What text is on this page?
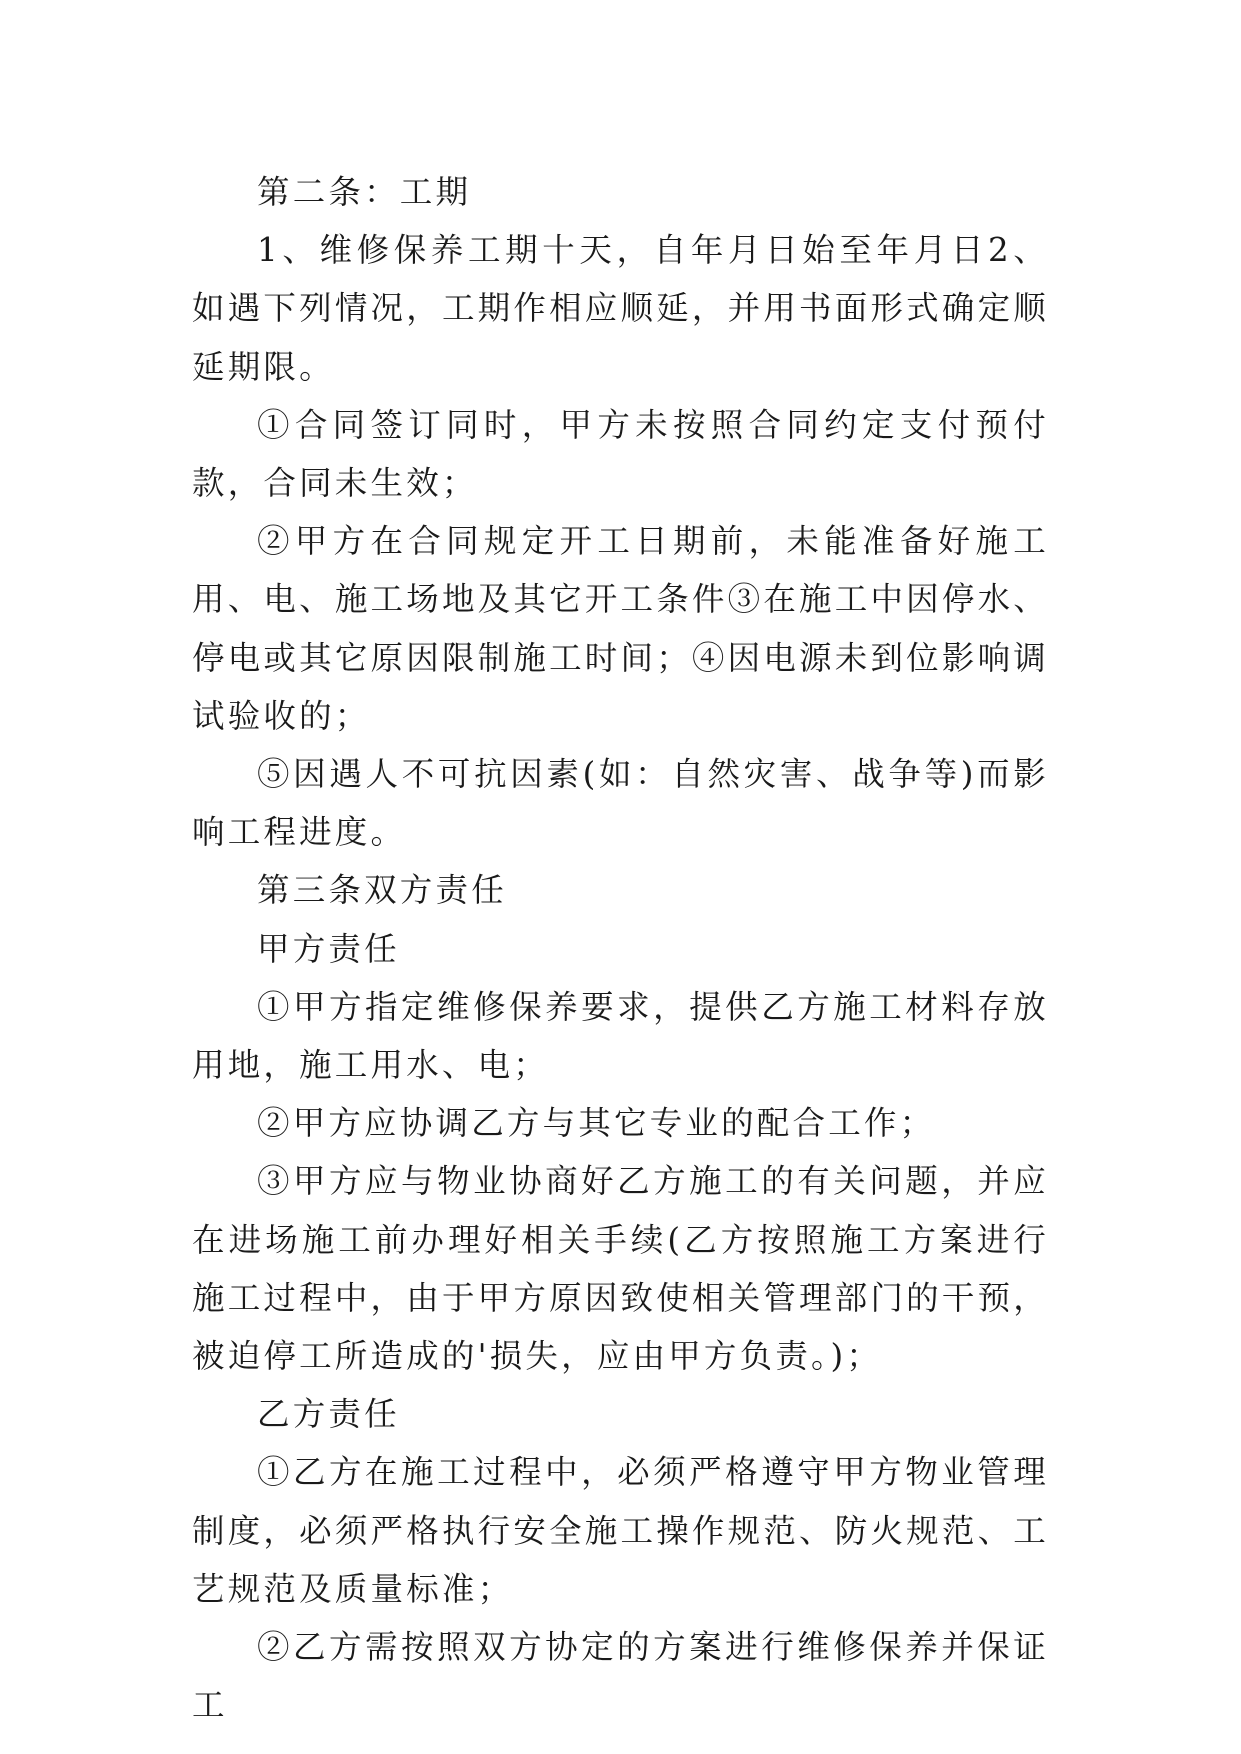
第二条：工期

1、维修保养工期十天，自年月日始至年月日2、如遇下列情况，工期作相应顺延，并用书面形式确定顺延期限。

①合同签订同时，甲方未按照合同约定支付预付款，合同未生效；

②甲方在合同规定开工日期前，未能准备好施工用、电、施工场地及其它开工条件③在施工中因停水、停电或其它原因限制施工时间；④因电源未到位影响调试验收的；

⑤因遇人不可抗因素(如：自然灾害、战争等)而影响工程进度。

第三条双方责任

甲方责任

①甲方指定维修保养要求，提供乙方施工材料存放用地，施工用水、电；

②甲方应协调乙方与其它专业的配合工作；

③甲方应与物业协商好乙方施工的有关问题，并应在进场施工前办理好相关手续(乙方按照施工方案进行施工过程中，由于甲方原因致使相关管理部门的干预，被迫停工所造成的'损失，应由甲方负责。)；

乙方责任

①乙方在施工过程中，必须严格遵守甲方物业管理制度，必须严格执行安全施工操作规范、防火规范、工艺规范及质量标准；

②乙方需按照双方协定的方案进行维修保养并保证工
